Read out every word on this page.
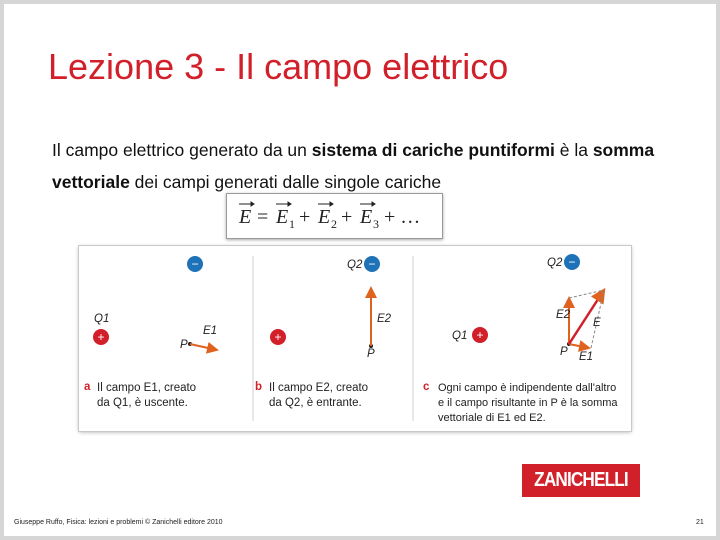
Lezione 3 - Il campo elettrico
Il campo elettrico generato da un sistema di cariche puntiformi è la somma vettoriale dei campi generati dalle singole cariche
E = E 1 + E 2 + E 3 + …
−
+
−
+
−
+
Q1
P
E1
Q2
P
E2
Q2
Q1
P
E2
E
E1
a Il campo E1, creato
da Q1, è uscente.
b Il campo E2, creato
da Q2, è entrante.
c Ogni campo è indipendente dall'altro
e il campo risultante in P è la somma
vettoriale di E1 ed E2.
ZANICHELLI
Giuseppe Ruffo, Fisica: lezioni e problemi © Zanichelli editore 2010	21
